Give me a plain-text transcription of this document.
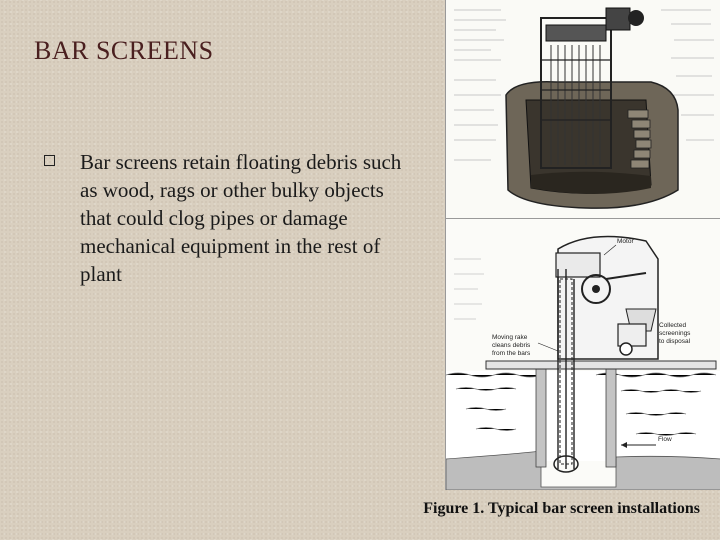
BAR SCREENS
Bar screens retain floating debris such as wood, rags or other bulky objects that could clog pipes or damage mechanical equipment in the rest of plant
Motor
Collected screenings to disposal
Moving rake cleans debris from the bars
Flow
Figure 1. Typical bar screen installations
